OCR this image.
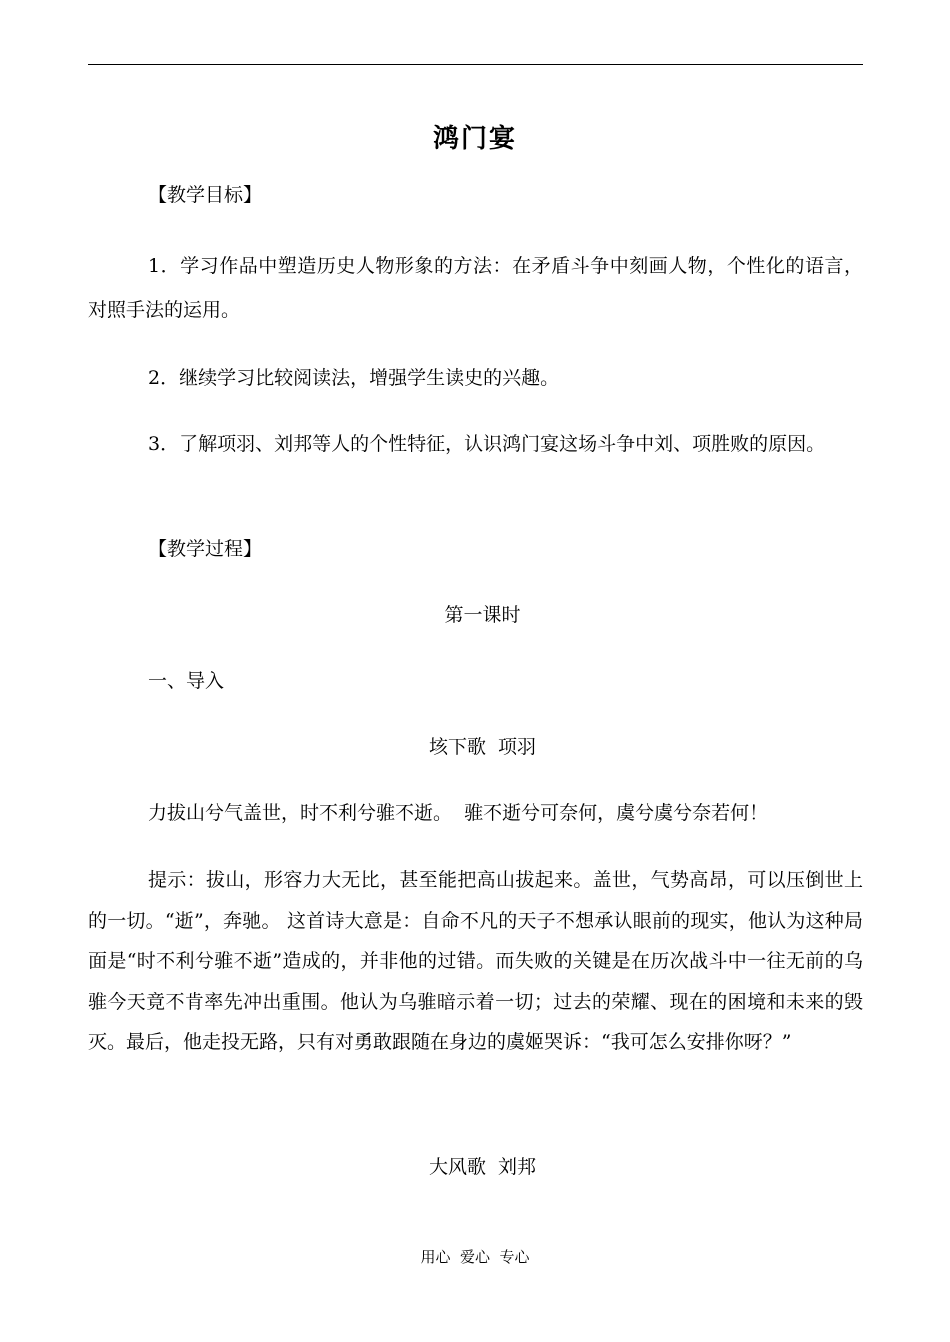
鸿门宴
【教学目标】
1．学习作品中塑造历史人物形象的方法：在矛盾斗争中刻画人物，个性化的语言，对照手法的运用。
2．继续学习比较阅读法，增强学生读史的兴趣。
3．了解项羽、刘邦等人的个性特征，认识鸿门宴这场斗争中刘、项胜败的原因。
【教学过程】
第一课时
一、导入
垓下歌  项羽
力拔山兮气盖世，时不利兮骓不逝。  骓不逝兮可奈何，虞兮虞兮奈若何！
提示：拔山，形容力大无比，甚至能把高山拔起来。盖世，气势高昂，可以压倒世上的一切。“逝”，奔驰。 这首诗大意是：自命不凡的天子不想承认眼前的现实，他认为这种局面是“时不利兮骓不逝”造成的，并非他的过错。而失败的关键是在历次战斗中一往无前的乌骓今天竟不肯率先冲出重围。他认为乌骓暗示着一切；过去的荣耀、现在的困境和未来的毁灭。最后，他走投无路，只有对勇敢跟随在身边的虞姬哭诉：“我可怎么安排你呀？”
大风歌  刘邦
用心  爱心  专心
